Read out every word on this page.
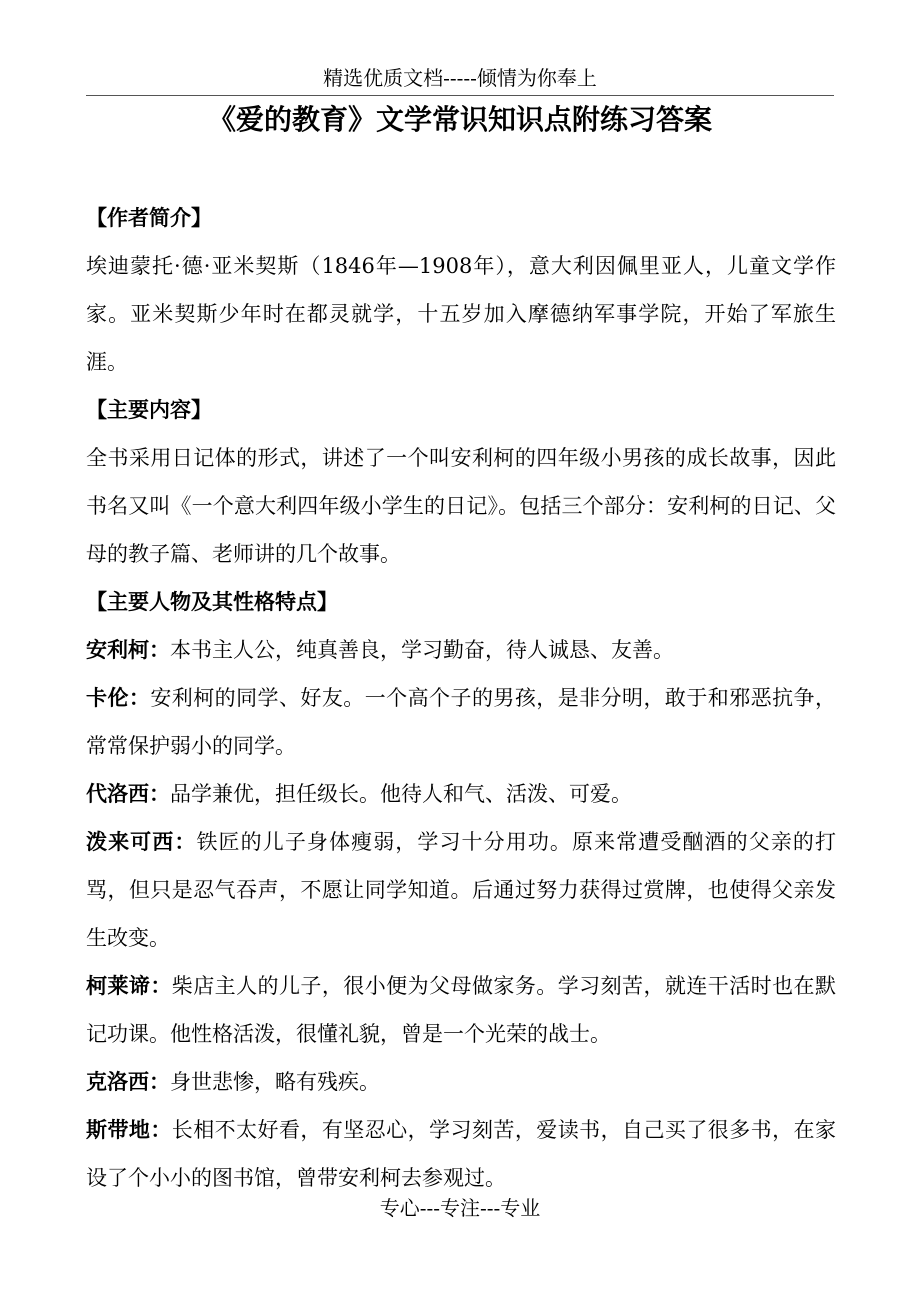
精选优质文档-----倾情为你奉上
《爱的教育》文学常识知识点附练习答案

【作者简介】

埃迪蒙托·德·亚米契斯（1846年—1908年），意大利因佩里亚人，儿童文学作家。亚米契斯少年时在都灵就学，十五岁加入摩德纳军事学院，开始了军旅生涯。

【主要内容】

全书采用日记体的形式，讲述了一个叫安利柯的四年级小男孩的成长故事，因此书名又叫《一个意大利四年级小学生的日记》。包括三个部分：安利柯的日记、父母的教子篇、老师讲的几个故事。

【主要人物及其性格特点】

安利柯：本书主人公，纯真善良，学习勤奋，待人诚恳、友善。

卡伦：安利柯的同学、好友。一个高个子的男孩，是非分明，敢于和邪恶抗争，常常保护弱小的同学。

代洛西：品学兼优，担任级长。他待人和气、活泼、可爱。

泼来可西：铁匠的儿子身体瘦弱，学习十分用功。原来常遭受酗酒的父亲的打骂，但只是忍气吞声，不愿让同学知道。后通过努力获得过赏牌，也使得父亲发生改变。

柯莱谛：柴店主人的儿子，很小便为父母做家务。学习刻苦，就连干活时也在默记功课。他性格活泼，很懂礼貌，曾是一个光荣的战士。

克洛西：身世悲惨，略有残疾。

斯带地：长相不太好看，有坚忍心，学习刻苦，爱读书，自己买了很多书，在家设了个小小的图书馆，曾带安利柯去参观过。

专心---专注---专业
